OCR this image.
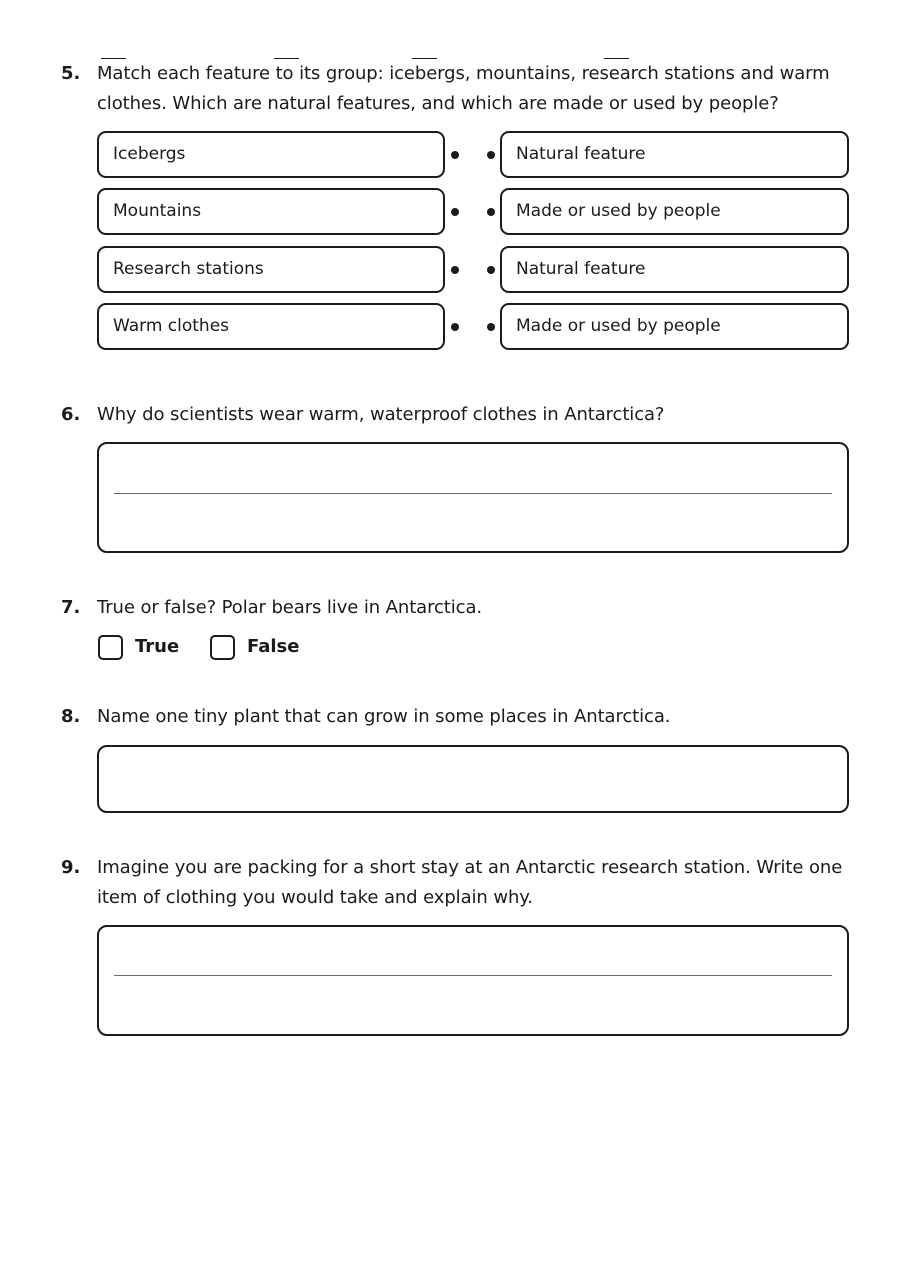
5. Match each feature to its group: icebergs, mountains, research stations and warm clothes. Which are natural features, and which are made or used by people?
Icebergs	Natural feature
Mountains	Made or used by people
Research stations	Natural feature
Warm clothes	Made or used by people
6. Why do scientists wear warm, waterproof clothes in Antarctica?
7. True or false? Polar bears live in Antarctica.
True	False
8. Name one tiny plant that can grow in some places in Antarctica.
9. Imagine you are packing for a short stay at an Antarctic research station. Write one item of clothing you would take and explain why.
